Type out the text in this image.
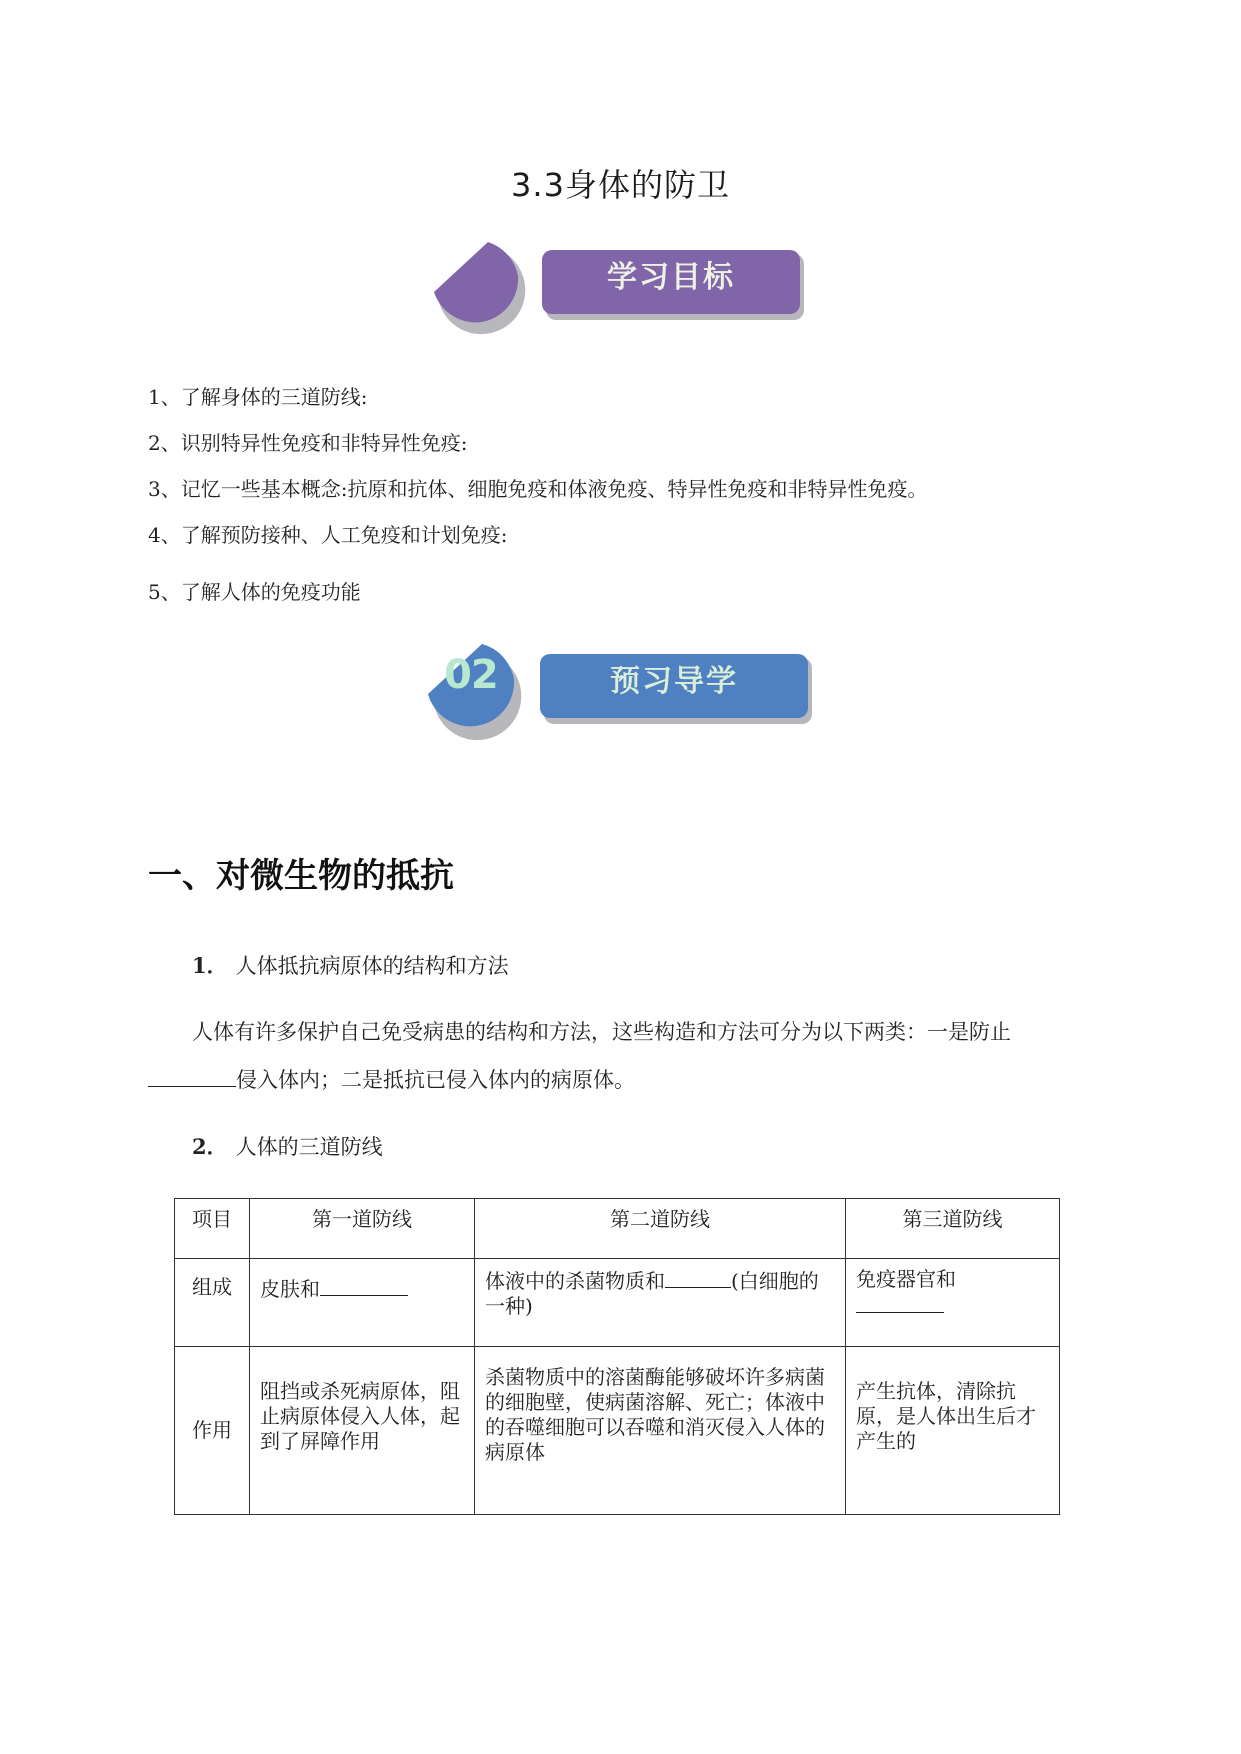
3.3身体的防卫
学习目标
1、了解身体的三道防线:
2、识别特异性免疫和非特异性免疫:
3、记忆一些基本概念:抗原和抗体、细胞免疫和体液免疫、特异性免疫和非特异性免疫。
4、了解预防接种、人工免疫和计划免疫:
5、了解人体的免疫功能
02	预习导学
一、对微生物的抵抗
1． 人体抵抗病原体的结构和方法
人体有许多保护自己免受病患的结构和方法，这些构造和方法可分为以下两类：一是防止
侵入体内；二是抵抗已侵入体内的病原体。
2． 人体的三道防线
项目	第一道防线	第二道防线	第三道防线
组成	皮肤和	体液中的杀菌物质和 (白细胞的一种)	免疫器官和

作用	阻挡或杀死病原体，阻止病原体侵入人体，起到了屏障作用	杀菌物质中的溶菌酶能够破坏许多病菌的细胞壁，使病菌溶解、死亡；体液中的吞噬细胞可以吞噬和消灭侵入人体的病原体	产生抗体，清除抗原，是人体出生后才产生的
